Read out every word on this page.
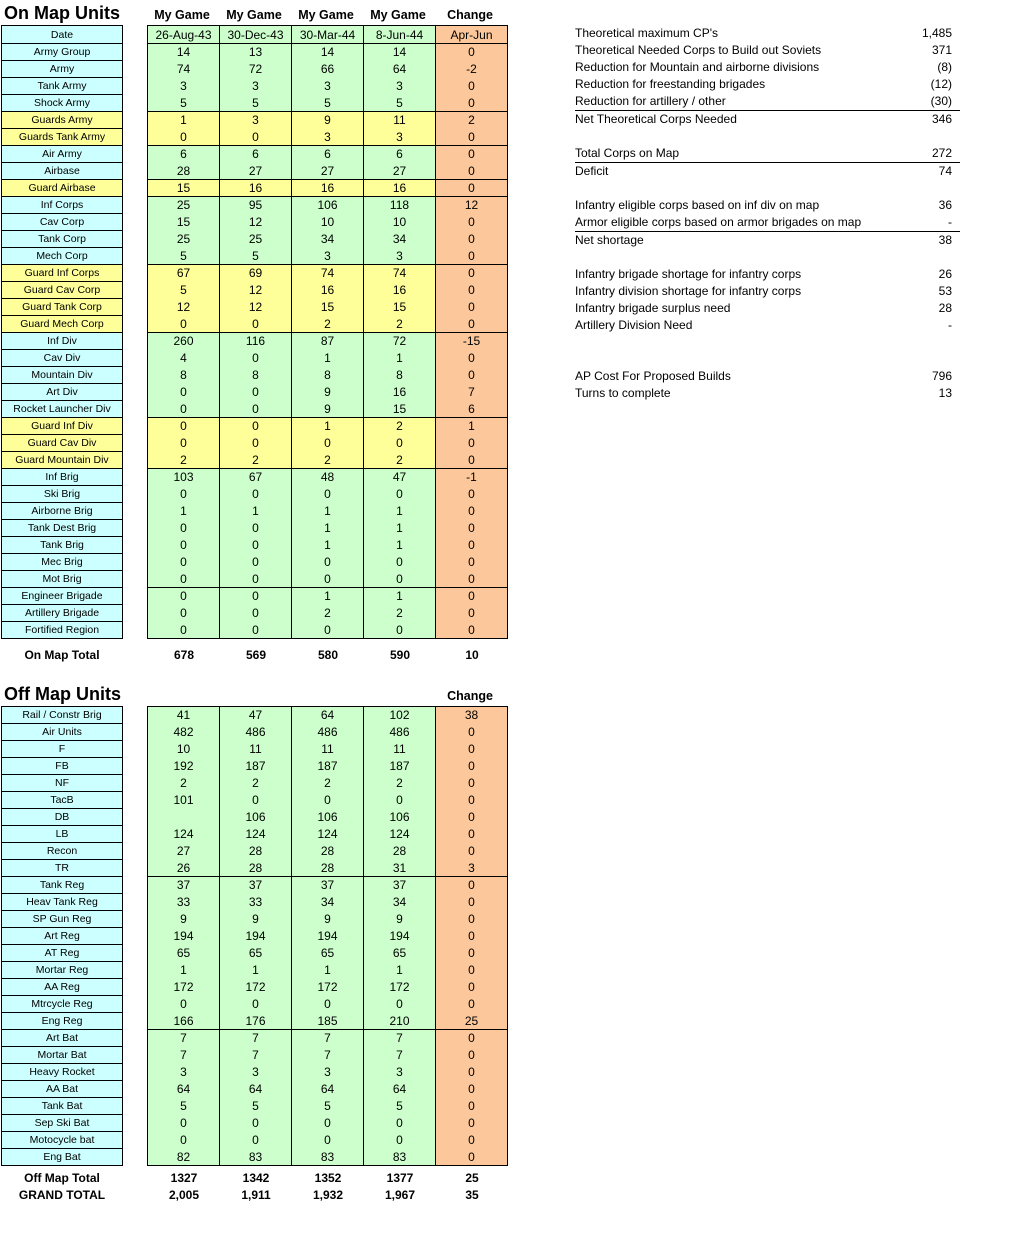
On Map Units	My Game	My Game	My Game	My Game	Change
Date		26-Aug-43	30-Dec-43	30-Mar-44	8-Jun-44	Apr-Jun
Army Group		14	13	14	14	0
Army		74	72	66	64	-2
Tank Army		3	3	3	3	0
Shock Army		5	5	5	5	0
Guards Army		1	3	9	11	2
Guards Tank Army		0	0	3	3	0
Air Army		6	6	6	6	0
Airbase		28	27	27	27	0
Guard Airbase		15	16	16	16	0
Inf Corps		25	95	106	118	12
Cav Corp		15	12	10	10	0
Tank Corp		25	25	34	34	0
Mech Corp		5	5	3	3	0
Guard Inf Corps		67	69	74	74	0
Guard Cav Corp		5	12	16	16	0
Guard Tank Corp		12	12	15	15	0
Guard Mech Corp		0	0	2	2	0
Inf Div		260	116	87	72	-15
Cav Div		4	0	1	1	0
Mountain Div		8	8	8	8	0
Art Div		0	0	9	16	7
Rocket Launcher Div		0	0	9	15	6
Guard Inf Div		0	0	1	2	1
Guard Cav Div		0	0	0	0	0
Guard Mountain Div		2	2	2	2	0
Inf Brig		103	67	48	47	-1
Ski Brig		0	0	0	0	0
Airborne Brig		1	1	1	1	0
Tank Dest Brig		0	0	1	1	0
Tank Brig		0	0	1	1	0
Mec Brig		0	0	0	0	0
Mot Brig		0	0	0	0	0
Engineer Brigade		0	0	1	1	0
Artillery Brigade		0	0	2	2	0
Fortified Region		0	0	0	0	0
On Map Total	678	569	580	590	10
Off Map Units	Change
Rail / Constr Brig		41	47	64	102	38
Air Units		482	486	486	486	0
F		10	11	11	11	0
FB		192	187	187	187	0
NF		2	2	2	2	0
TacB		101	0	0	0	0
DB			106	106	106	0
LB		124	124	124	124	0
Recon		27	28	28	28	0
TR		26	28	28	31	3
Tank Reg		37	37	37	37	0
Heav Tank Reg		33	33	34	34	0
SP Gun Reg		9	9	9	9	0
Art Reg		194	194	194	194	0
AT Reg		65	65	65	65	0
Mortar Reg		1	1	1	1	0
AA Reg		172	172	172	172	0
Mtrcycle Reg		0	0	0	0	0
Eng Reg		166	176	185	210	25
Art Bat		7	7	7	7	0
Mortar Bat		7	7	7	7	0
Heavy Rocket		3	3	3	3	0
AA Bat		64	64	64	64	0
Tank Bat		5	5	5	5	0
Sep Ski Bat		0	0	0	0	0
Motocycle bat		0	0	0	0	0
Eng Bat		82	83	83	83	0
Off Map Total	1327	1342	1352	1377	25
GRAND TOTAL	2,005	1,911	1,932	1,967	35
Theoretical maximum CP's	1,485
Theoretical Needed Corps to Build out Soviets	371
Reduction for Mountain and airborne divisions	(8)
Reduction for freestanding brigades	(12)
Reduction for artillery / other	(30)
Net Theoretical Corps Needed	346
Total Corps on Map	272
Deficit	74
Infantry eligible corps based on inf div on map	36
Armor eligible corps based on armor brigades on map	-
Net shortage	38
Infantry brigade shortage for infantry corps	26
Infantry division shortage for infantry corps	53
Infantry brigade surplus need	28
Artillery Division Need	-
AP Cost For Proposed Builds	796
Turns to complete	13
